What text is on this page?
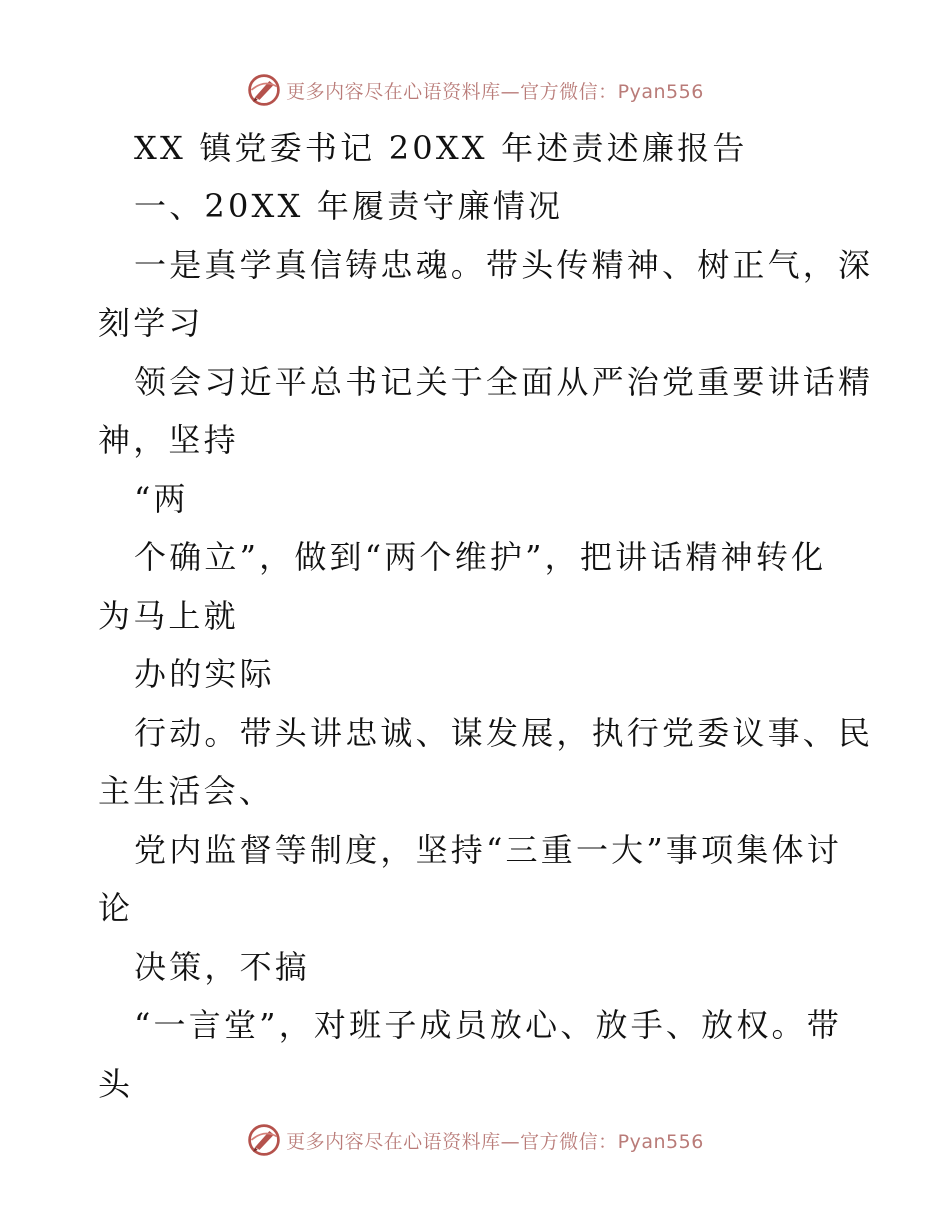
更多内容尽在心语资料库—官方微信：Pyan556
XX 镇党委书记 20XX 年述责述廉报告
一、20XX 年履责守廉情况
一是真学真信铸忠魂。带头传精神、树正气，深
刻学习
领会习近平总书记关于全面从严治党重要讲话精
神，坚持
“两
个确立”，做到“两个维护”，把讲话精神转化
为马上就
办的实际
行动。带头讲忠诚、谋发展，执行党委议事、民
主生活会、
党内监督等制度，坚持“三重一大”事项集体讨
论
决策，不搞
“一言堂”，对班子成员放心、放手、放权。带
头
更多内容尽在心语资料库—官方微信：Pyan556
